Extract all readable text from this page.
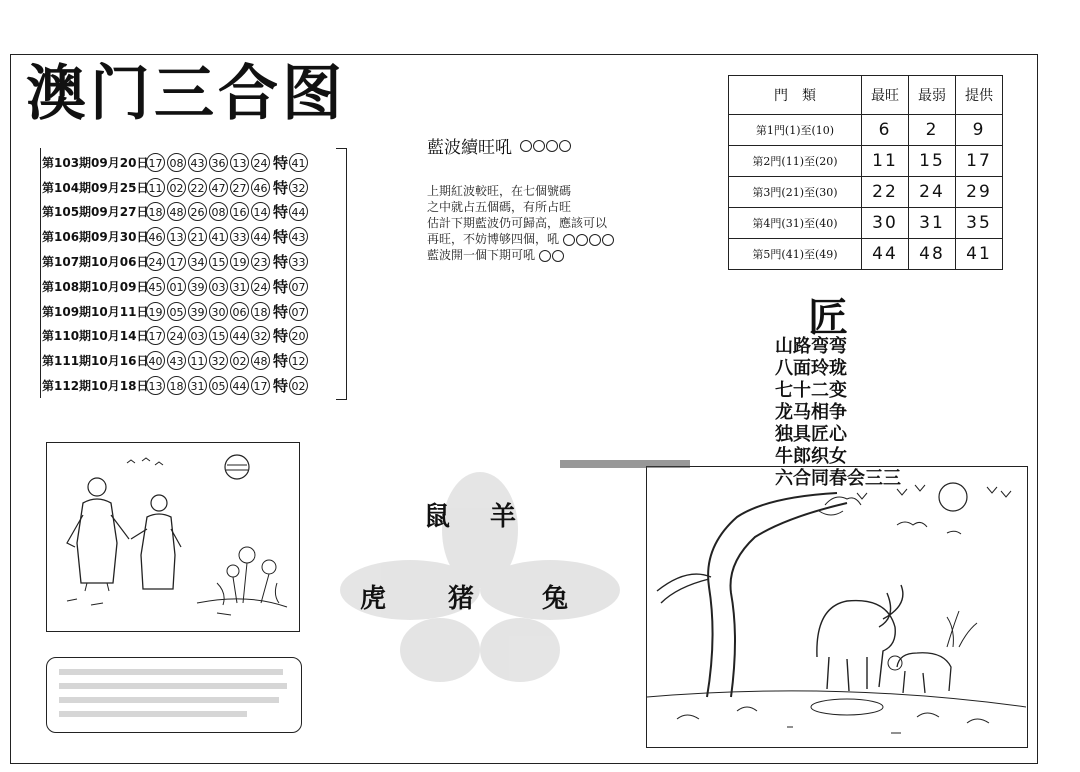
澳门三合图
第103期09月20日 17 08 43 36 13 24 特 41
第104期09月25日 11 02 22 47 27 46 特 32
第105期09月27日 18 48 26 08 16 14 特 44
第106期09月30日 46 13 21 41 33 44 特 43
第107期10月06日 24 17 34 15 19 23 特 33
第108期10月09日 45 01 39 03 31 24 特 07
第109期10月11日 19 05 39 30 06 18 特 07
第110期10月14日 17 24 03 15 44 32 特 20
第111期10月16日 40 43 11 32 02 48 特 12
第112期10月18日 13 18 31 05 44 17 特 02
藍波續旺吼
上期紅波較旺，在七個號碼
之中就占五個碼，有所占旺
估計下期藍波仍可歸高，應該可以
再旺，不妨博够四個，吼
藍波開一個下期可吼
門　類	最旺	最弱	提供
第1門(1)至(10)	6	2	9
第2門(11)至(20)	11	15	17
第3門(21)至(30)	22	24	29
第4門(31)至(40)	30	31	35
第5門(41)至(49)	44	48	41
匠
山路弯弯
八面玲珑
七十二变
龙马相争
独具匠心
牛郎织女
六合同春会三三
鼠 羊
虎 猪 兔
